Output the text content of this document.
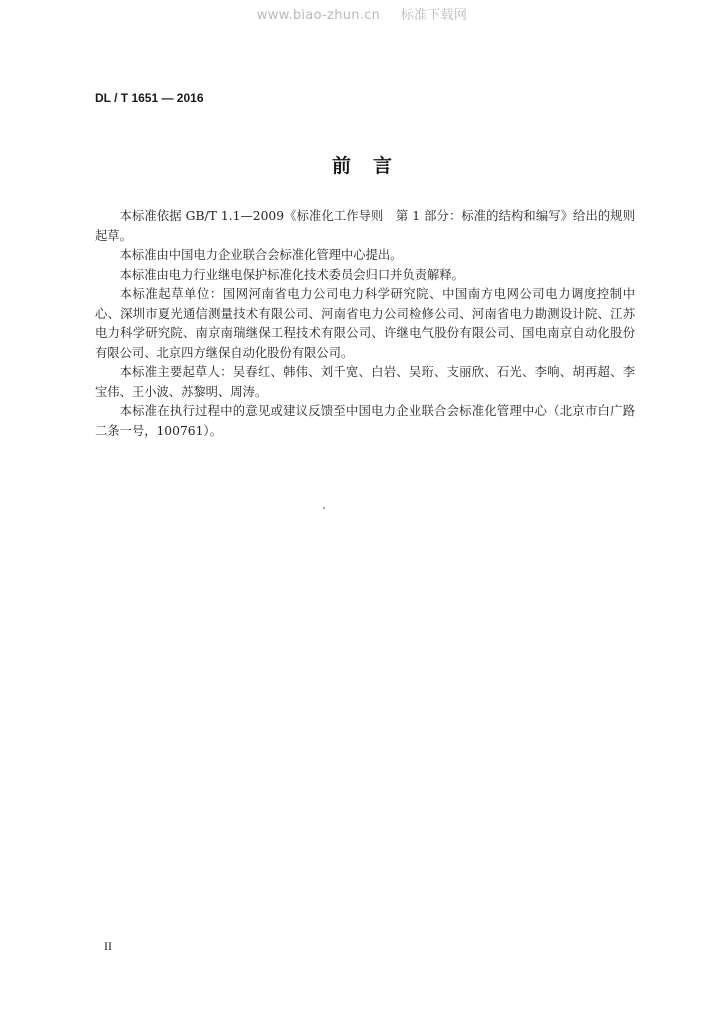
www.biao-zhun.cn 标准下载网
DL / T 1651 — 2016
前言

本标准依据 GB/T 1.1—2009《标准化工作导则　第 1 部分：标准的结构和编写》给出的规则起草。

本标准由中国电力企业联合会标准化管理中心提出。

本标准由电力行业继电保护标准化技术委员会归口并负责解释。

本标准起草单位：国网河南省电力公司电力科学研究院、中国南方电网公司电力调度控制中心、深圳市夏光通信测量技术有限公司、河南省电力公司检修公司、河南省电力勘测设计院、江苏电力科学研究院、南京南瑞继保工程技术有限公司、许继电气股份有限公司、国电南京自动化股份有限公司、北京四方继保自动化股份有限公司。

本标准主要起草人：吴春红、韩伟、刘千宽、白岩、吴珩、支丽欣、石光、李响、胡再超、李宝伟、王小波、苏黎明、周涛。

本标准在执行过程中的意见或建议反馈至中国电力企业联合会标准化管理中心（北京市白广路二条一号，100761）。

II
